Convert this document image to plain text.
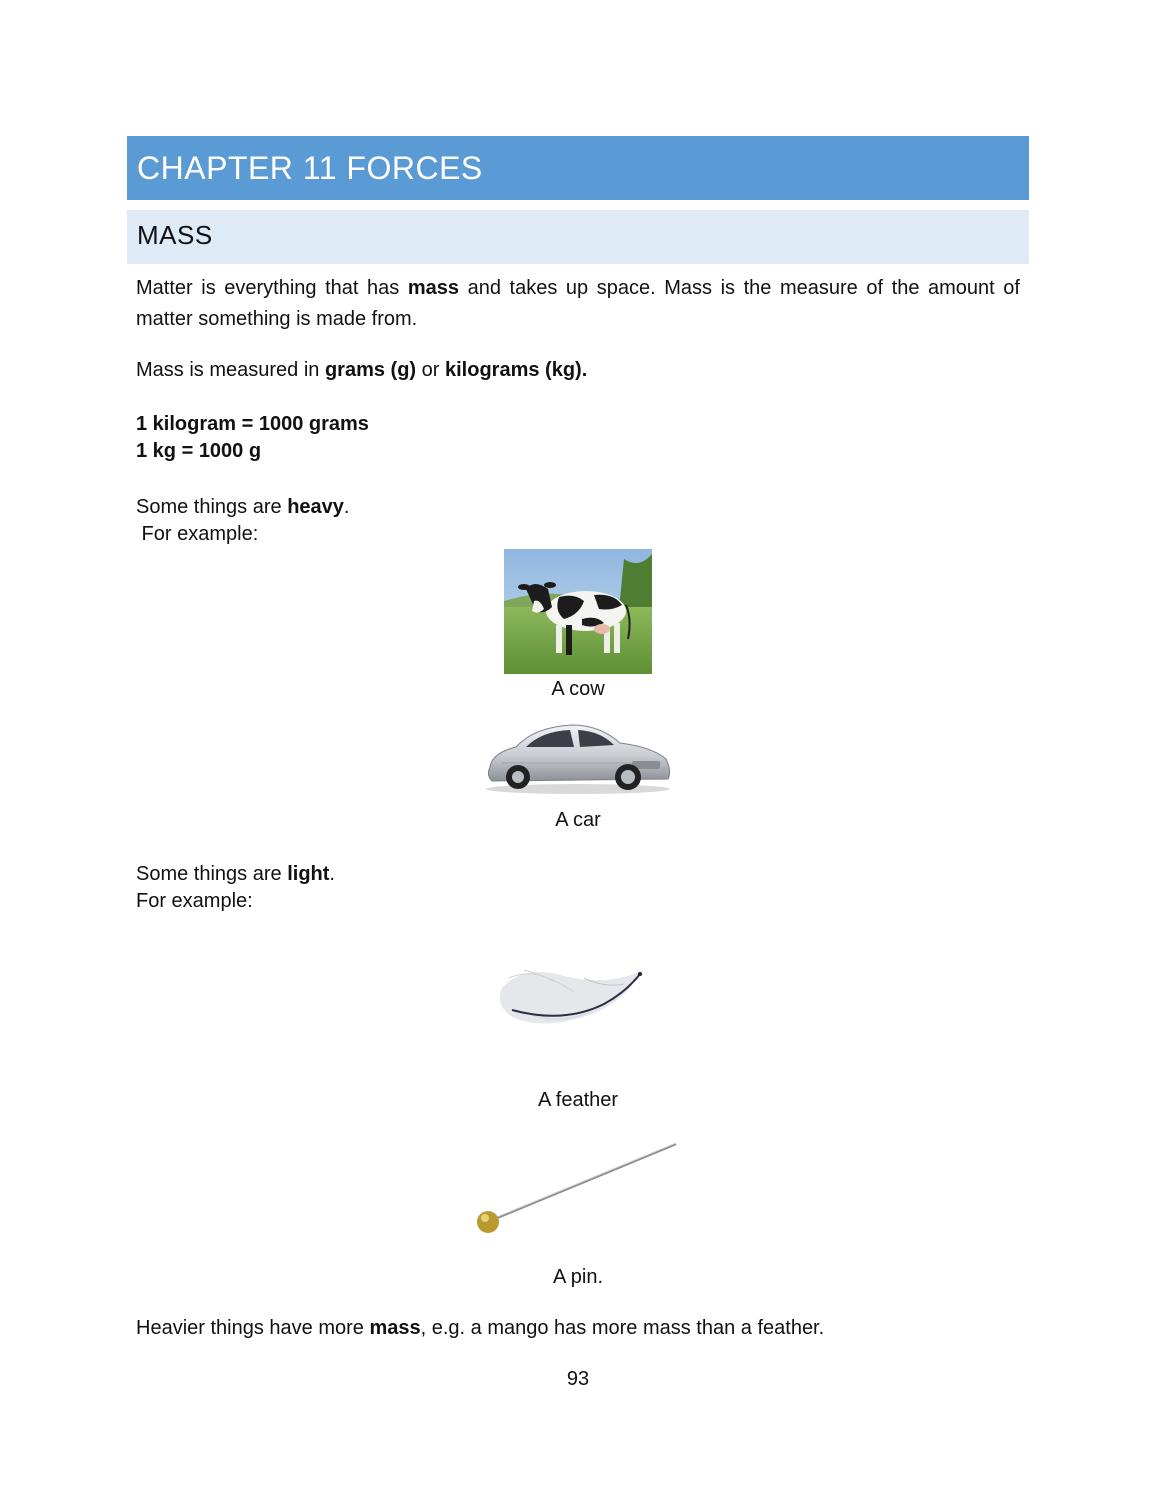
CHAPTER 11 FORCES
MASS
Matter is everything that has mass and takes up space. Mass is the measure of the amount of
matter something is made from.
Mass is measured in grams (g) or kilograms (kg).
1 kilogram = 1000 grams
1 kg = 1000 g
Some things are heavy.
For example:
A cow
A car
Some things are light.
For example:
A feather
A pin.
Heavier things have more mass, e.g. a mango has more mass than a feather.
93
